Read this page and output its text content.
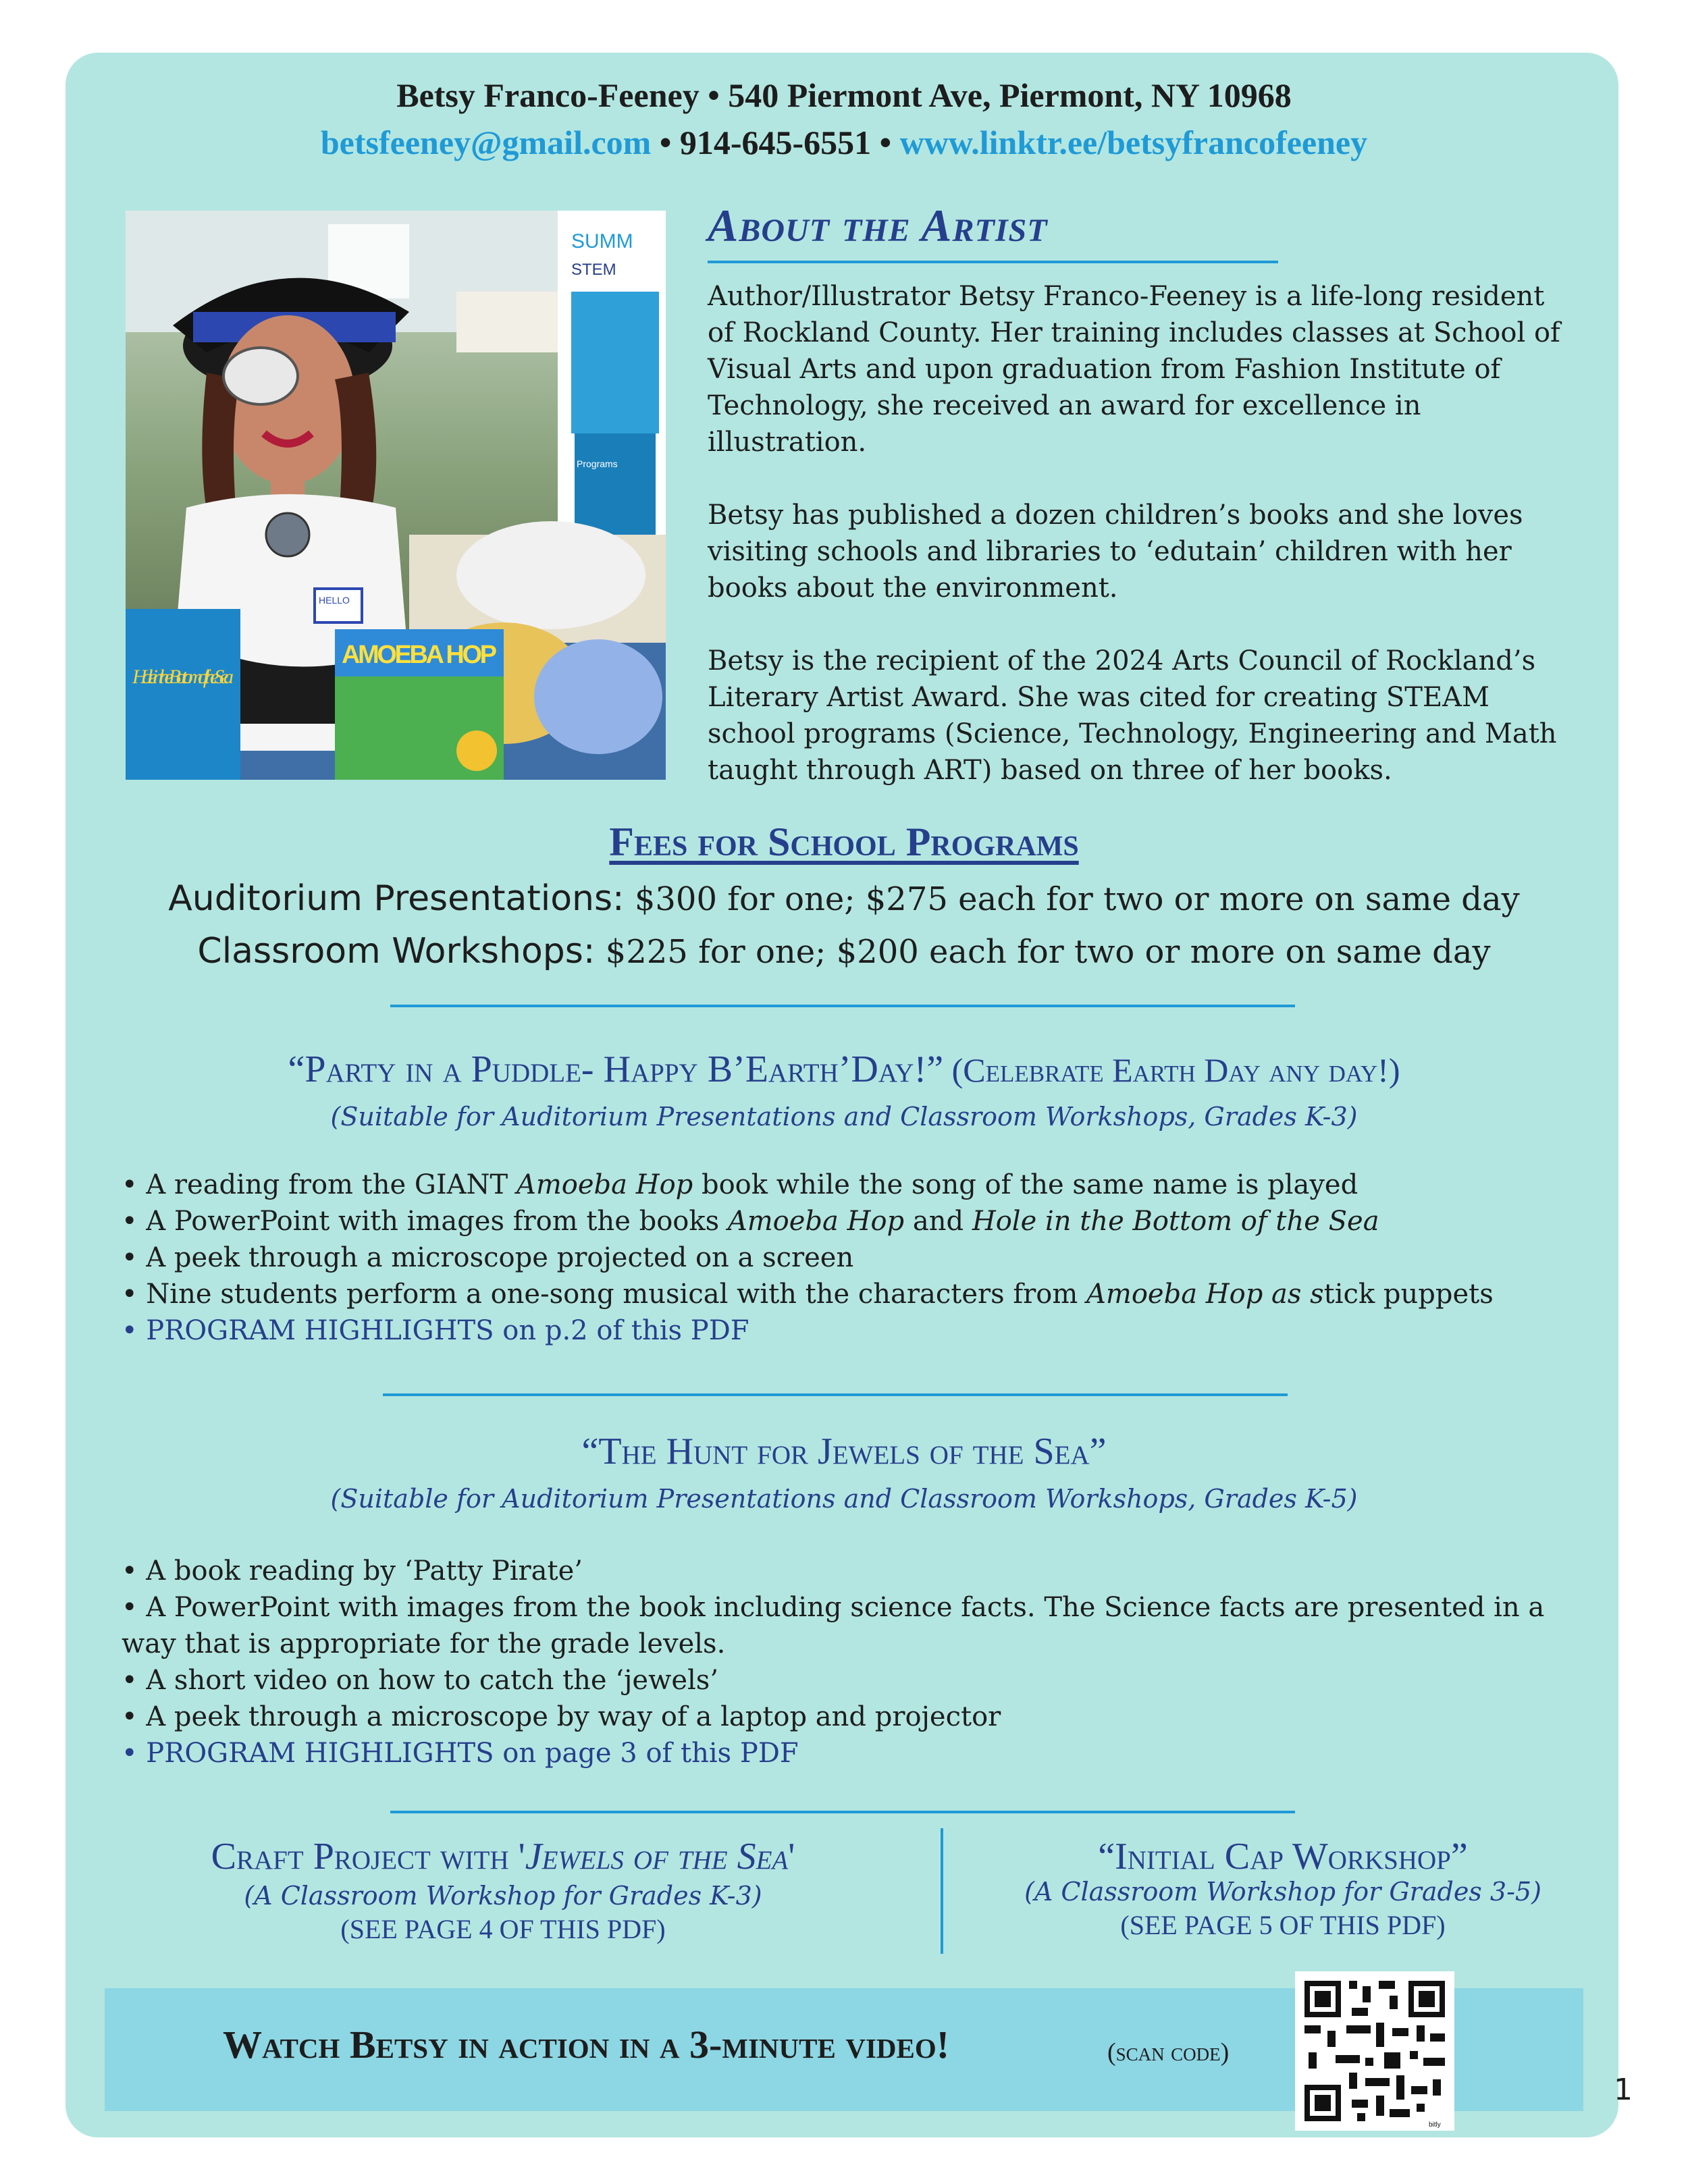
Betsy Franco-Feeney • 540 Piermont Ave, Piermont, NY 10968
betsfeeney@gmail.com • 914-645-6551 • www.linktr.ee/betsyfrancofeeney
SUMM
STEM
Programs
HELLO
Hole in the Bottom of the Sea
AMOEBA HOP
About the Artist

Author/Illustrator Betsy Franco-Feeney is a life-long resident of Rockland County. Her training includes classes at School of Visual Arts and upon graduation from Fashion Institute of Technology, she received an award for excellence in illustration.

Betsy has published a dozen children’s books and she loves visiting schools and libraries to ‘edutain’ children with her books about the environment.

Betsy is the recipient of the 2024 Arts Council of Rockland’s Literary Artist Award. She was cited for creating STEAM school programs (Science, Technology, Engineering and Math taught through ART) based on three of her books.

Fees for School Programs
Auditorium Presentations: $300 for one; $275 each for two or more on same day
Classroom Workshops: $225 for one; $200 each for two or more on same day
“Party in a Puddle- Happy B’Earth’Day!” (Celebrate Earth Day any day!)
(Suitable for Auditorium Presentations and Classroom Workshops, Grades K-3)
• A reading from the GIANT Amoeba Hop book while the song of the same name is played
• A PowerPoint with images from the books Amoeba Hop and Hole in the Bottom of the Sea
• A peek through a microscope projected on a screen
• Nine students perform a one-song musical with the characters from Amoeba Hop as stick puppets
• PROGRAM HIGHLIGHTS on p.2 of this PDF
“The Hunt for Jewels of the Sea”
(Suitable for Auditorium Presentations and Classroom Workshops, Grades K-5)
• A book reading by ‘Patty Pirate’
• A PowerPoint with images from the book including science facts. The Science facts are presented in a way that is appropriate for the grade levels.
• A short video on how to catch the ‘jewels’
• A peek through a microscope by way of a laptop and projector
• PROGRAM HIGHLIGHTS on page 3 of this PDF
Craft Project with 'Jewels of the Sea'
(A Classroom Workshop for Grades K-3)
(SEE PAGE 4 OF THIS PDF)
“Initial Cap Workshop”
(A Classroom Workshop for Grades 3-5)
(SEE PAGE 5 OF THIS PDF)
Watch Betsy in action in a 3-minute video!	(scan code)
bitly
1
